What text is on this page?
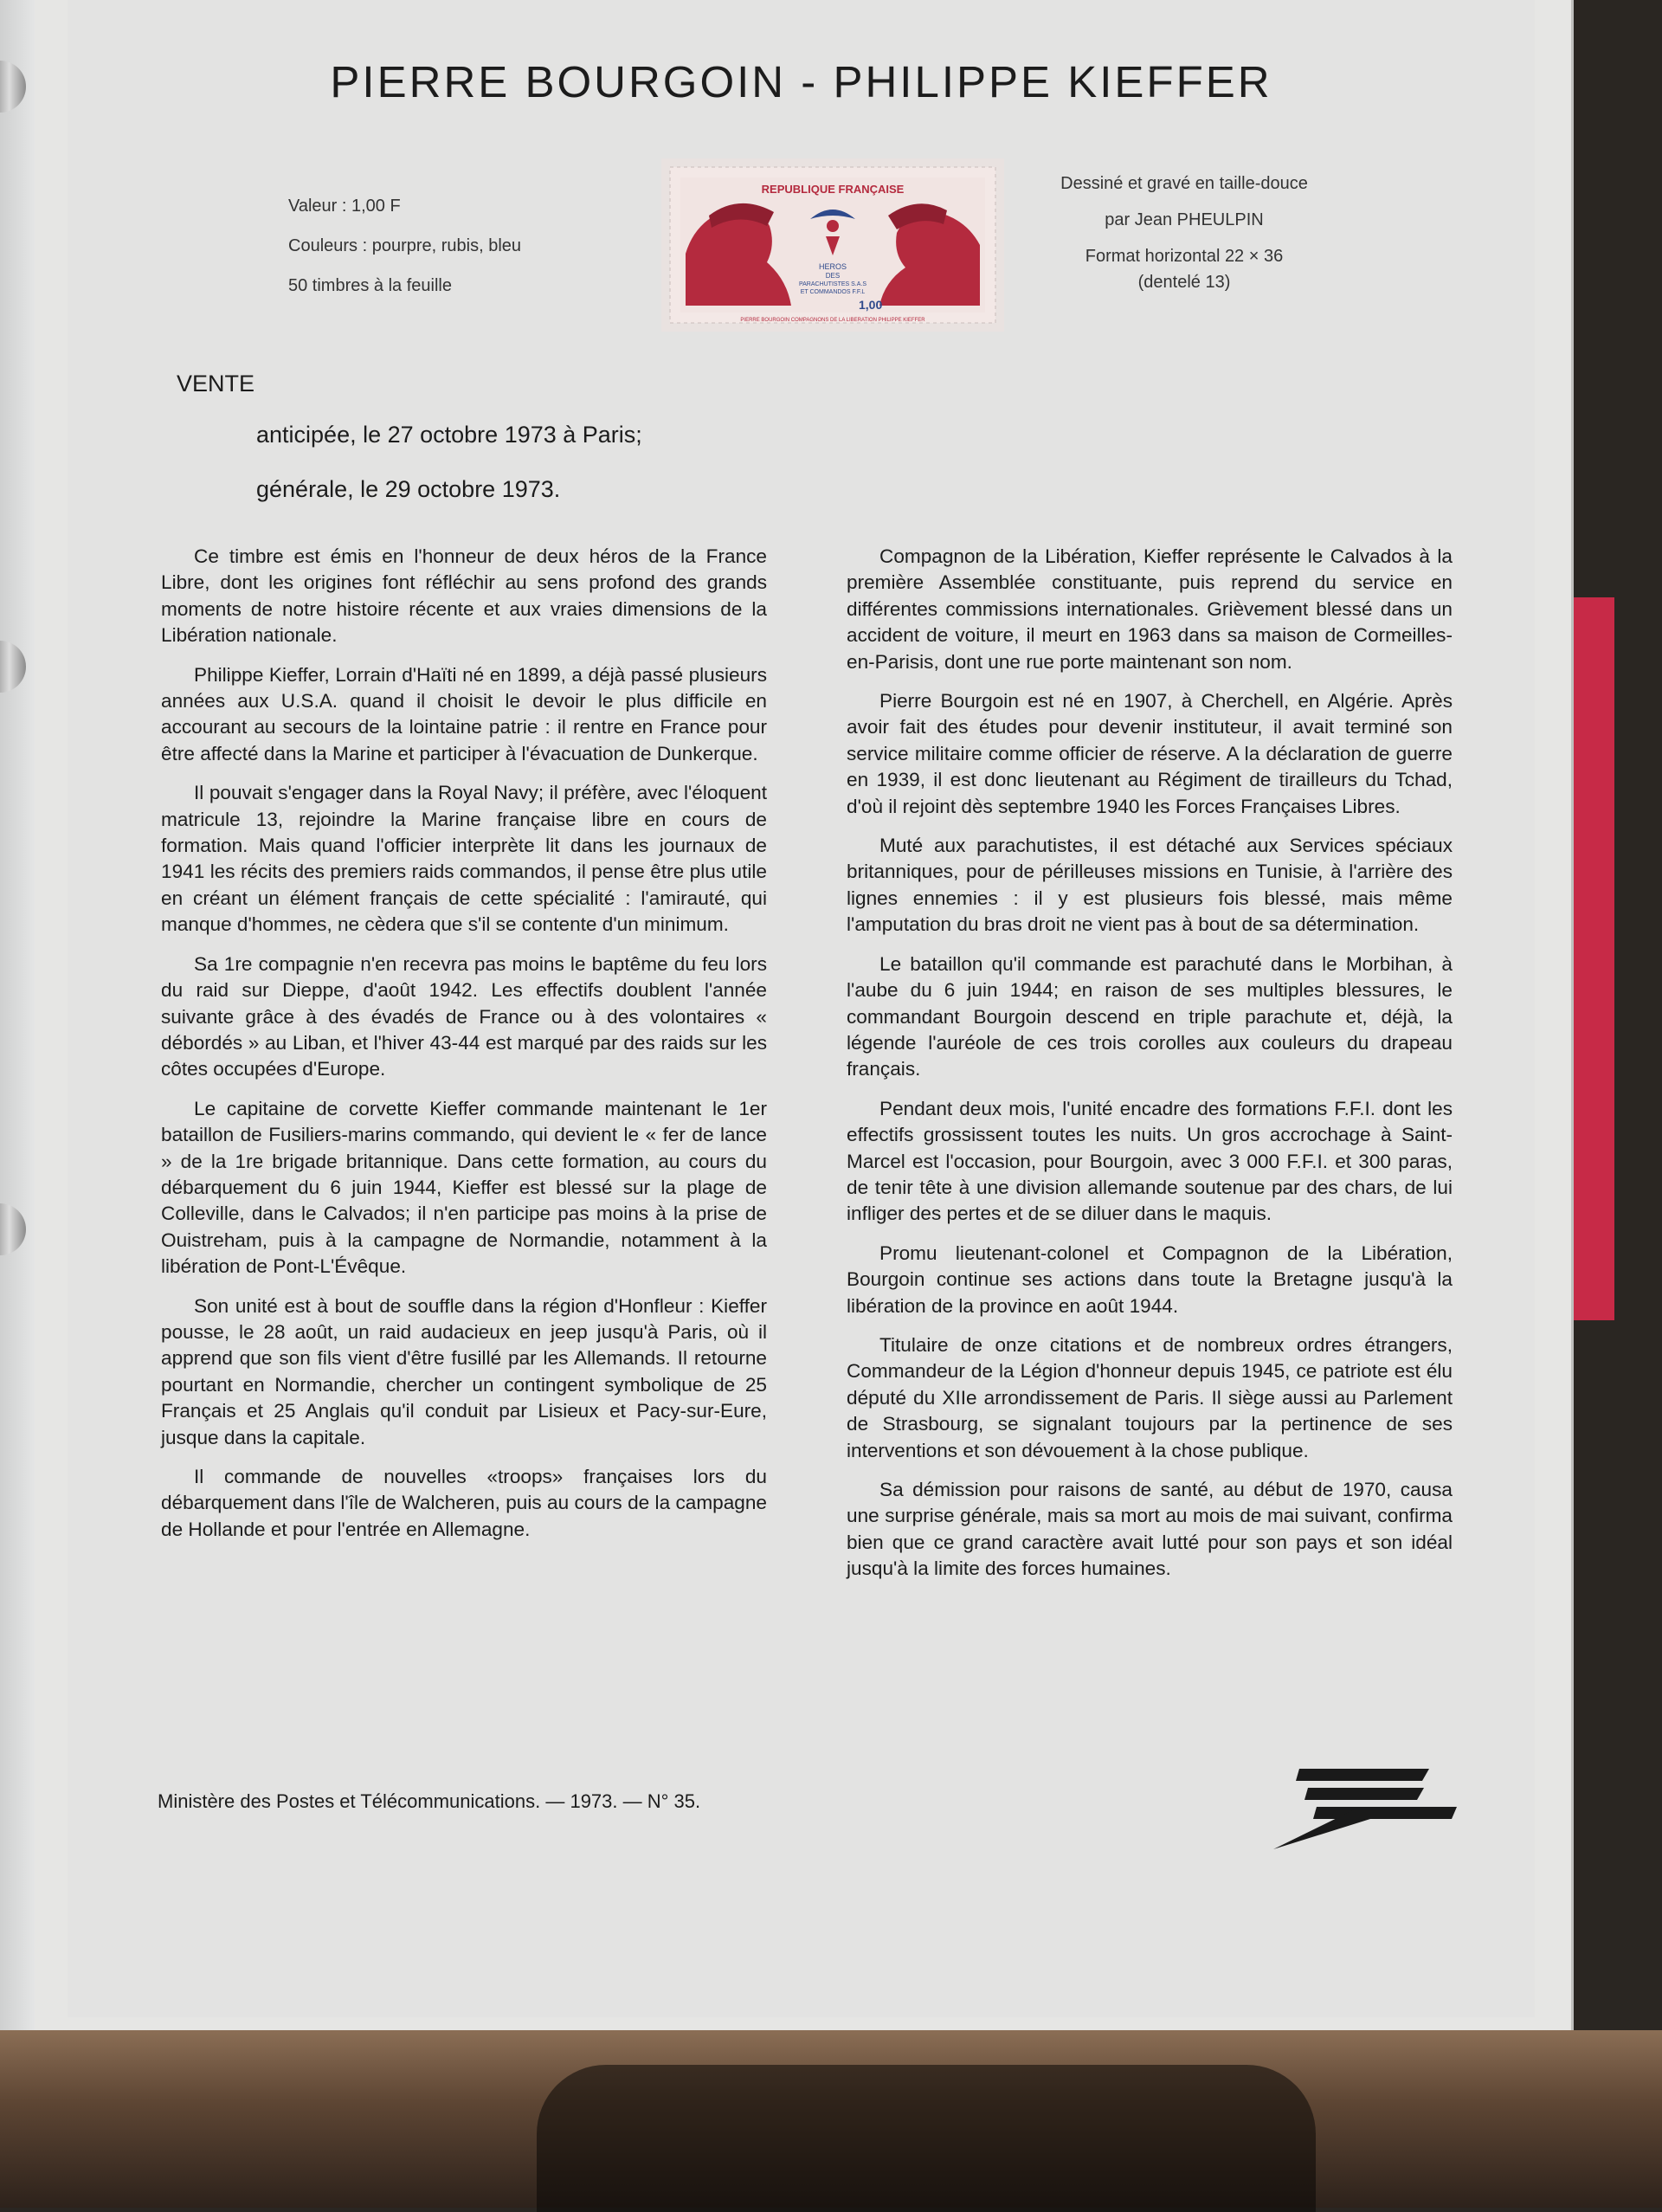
PIERRE BOURGOIN - PHILIPPE KIEFFER
Valeur : 1,00 F
Couleurs : pourpre, rubis, bleu
50 timbres à la feuille
REPUBLIQUE FRANÇAISE
HEROS
DES
PARACHUTISTES S.A.S
ET COMMANDOS F.F.L
1,00
PIERRE BOURGOIN COMPAGNONS DE LA LIBERATION PHILIPPE KIEFFER
Dessiné et gravé en taille-douce
par Jean PHEULPIN
Format horizontal 22 × 36
(dentelé 13)
VENTE
anticipée, le 27 octobre 1973 à Paris;
générale, le 29 octobre 1973.

Ce timbre est émis en l'honneur de deux héros de la France Libre, dont les origines font réfléchir au sens profond des grands moments de notre histoire récente et aux vraies dimensions de la Libération nationale.

Philippe Kieffer, Lorrain d'Haïti né en 1899, a déjà passé plusieurs années aux U.S.A. quand il choisit le devoir le plus difficile en accourant au secours de la lointaine patrie : il rentre en France pour être affecté dans la Marine et participer à l'évacuation de Dunkerque.

Il pouvait s'engager dans la Royal Navy; il préfère, avec l'éloquent matricule 13, rejoindre la Marine française libre en cours de formation. Mais quand l'officier interprète lit dans les journaux de 1941 les récits des premiers raids commandos, il pense être plus utile en créant un élément français de cette spécialité : l'amirauté, qui manque d'hommes, ne cèdera que s'il se contente d'un minimum.

Sa 1re compagnie n'en recevra pas moins le baptême du feu lors du raid sur Dieppe, d'août 1942. Les effectifs doublent l'année suivante grâce à des évadés de France ou à des volontaires « débordés » au Liban, et l'hiver 43-44 est marqué par des raids sur les côtes occupées d'Europe.

Le capitaine de corvette Kieffer commande maintenant le 1er bataillon de Fusiliers-marins commando, qui devient le « fer de lance » de la 1re brigade britannique. Dans cette formation, au cours du débarquement du 6 juin 1944, Kieffer est blessé sur la plage de Colleville, dans le Calvados; il n'en participe pas moins à la prise de Ouistreham, puis à la campagne de Normandie, notamment à la libération de Pont-L'Évêque.

Son unité est à bout de souffle dans la région d'Honfleur : Kieffer pousse, le 28 août, un raid audacieux en jeep jusqu'à Paris, où il apprend que son fils vient d'être fusillé par les Allemands. Il retourne pourtant en Normandie, chercher un contingent symbolique de 25 Français et 25 Anglais qu'il conduit par Lisieux et Pacy-sur-Eure, jusque dans la capitale.

Il commande de nouvelles «troops» françaises lors du débarquement dans l'île de Walcheren, puis au cours de la campagne de Hollande et pour l'entrée en Allemagne.

Compagnon de la Libération, Kieffer représente le Calvados à la première Assemblée constituante, puis reprend du service en différentes commissions internationales. Grièvement blessé dans un accident de voiture, il meurt en 1963 dans sa maison de Cormeilles-en-Parisis, dont une rue porte maintenant son nom.

Pierre Bourgoin est né en 1907, à Cherchell, en Algérie. Après avoir fait des études pour devenir instituteur, il avait terminé son service militaire comme officier de réserve. A la déclaration de guerre en 1939, il est donc lieutenant au Régiment de tirailleurs du Tchad, d'où il rejoint dès septembre 1940 les Forces Françaises Libres.

Muté aux parachutistes, il est détaché aux Services spéciaux britanniques, pour de périlleuses missions en Tunisie, à l'arrière des lignes ennemies : il y est plusieurs fois blessé, mais même l'amputation du bras droit ne vient pas à bout de sa détermination.

Le bataillon qu'il commande est parachuté dans le Morbihan, à l'aube du 6 juin 1944; en raison de ses multiples blessures, le commandant Bourgoin descend en triple parachute et, déjà, la légende l'auréole de ces trois corolles aux couleurs du drapeau français.

Pendant deux mois, l'unité encadre des formations F.F.I. dont les effectifs grossissent toutes les nuits. Un gros accrochage à Saint-Marcel est l'occasion, pour Bourgoin, avec 3 000 F.F.I. et 300 paras, de tenir tête à une division allemande soutenue par des chars, de lui infliger des pertes et de se diluer dans le maquis.

Promu lieutenant-colonel et Compagnon de la Libération, Bourgoin continue ses actions dans toute la Bretagne jusqu'à la libération de la province en août 1944.

Titulaire de onze citations et de nombreux ordres étrangers, Commandeur de la Légion d'honneur depuis 1945, ce patriote est élu député du XIIe arrondissement de Paris. Il siège aussi au Parlement de Strasbourg, se signalant toujours par la pertinence de ses interventions et son dévouement à la chose publique.

Sa démission pour raisons de santé, au début de 1970, causa une surprise générale, mais sa mort au mois de mai suivant, confirma bien que ce grand caractère avait lutté pour son pays et son idéal jusqu'à la limite des forces humaines.

Ministère des Postes et Télécommunications. — 1973. — N° 35.
